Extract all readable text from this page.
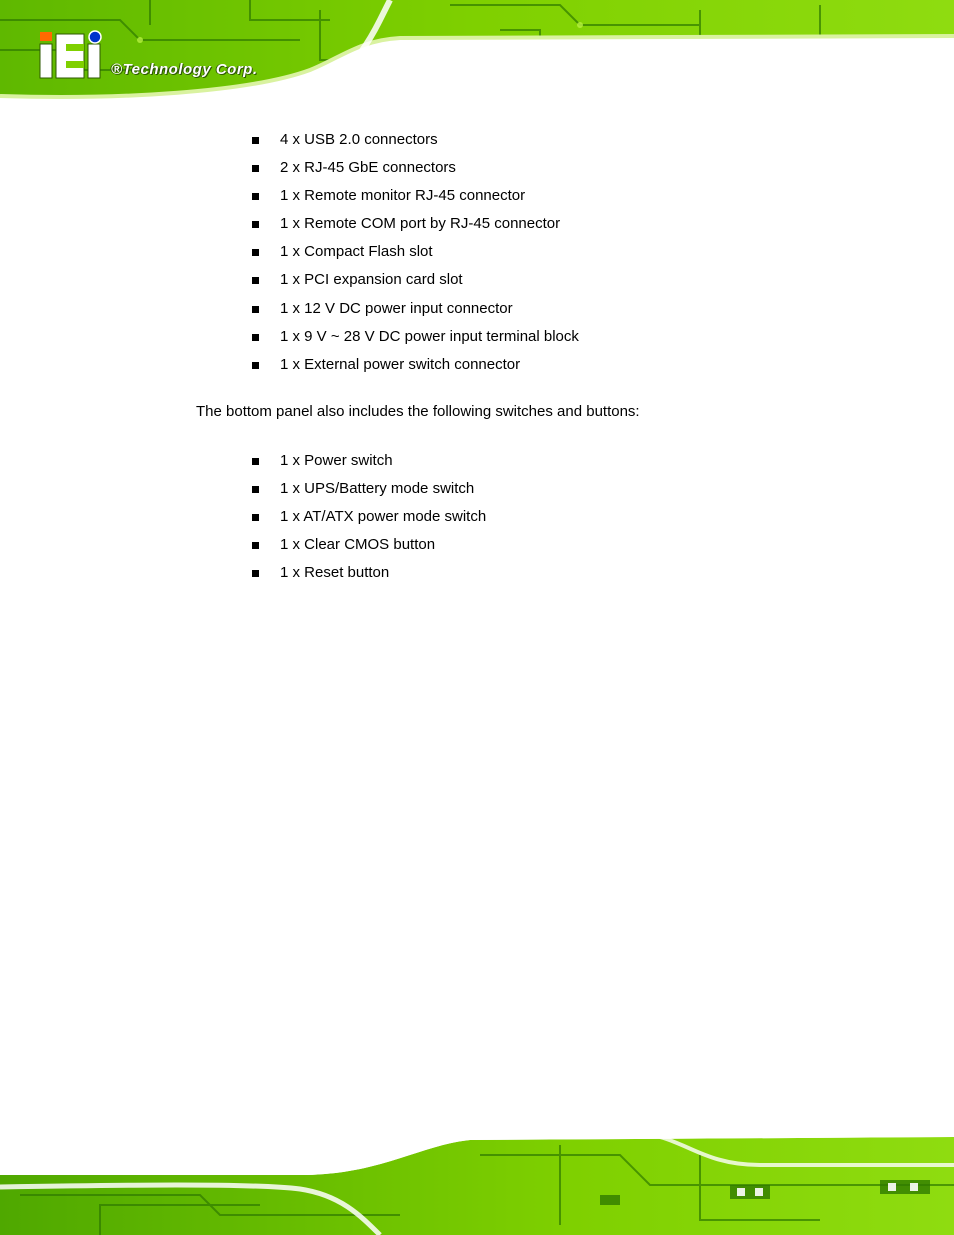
®Technology Corp.
4 x USB 2.0 connectors
2 x RJ-45 GbE connectors
1 x Remote monitor RJ-45 connector
1 x Remote COM port by RJ-45 connector
1 x Compact Flash slot
1 x PCI expansion card slot
1 x 12 V DC power input connector
1 x 9 V ~ 28 V DC power input terminal block
1 x External power switch connector

The bottom panel also includes the following switches and buttons:

1 x Power switch
1 x UPS/Battery mode switch
1 x AT/ATX power mode switch
1 x Clear CMOS button
1 x Reset button
